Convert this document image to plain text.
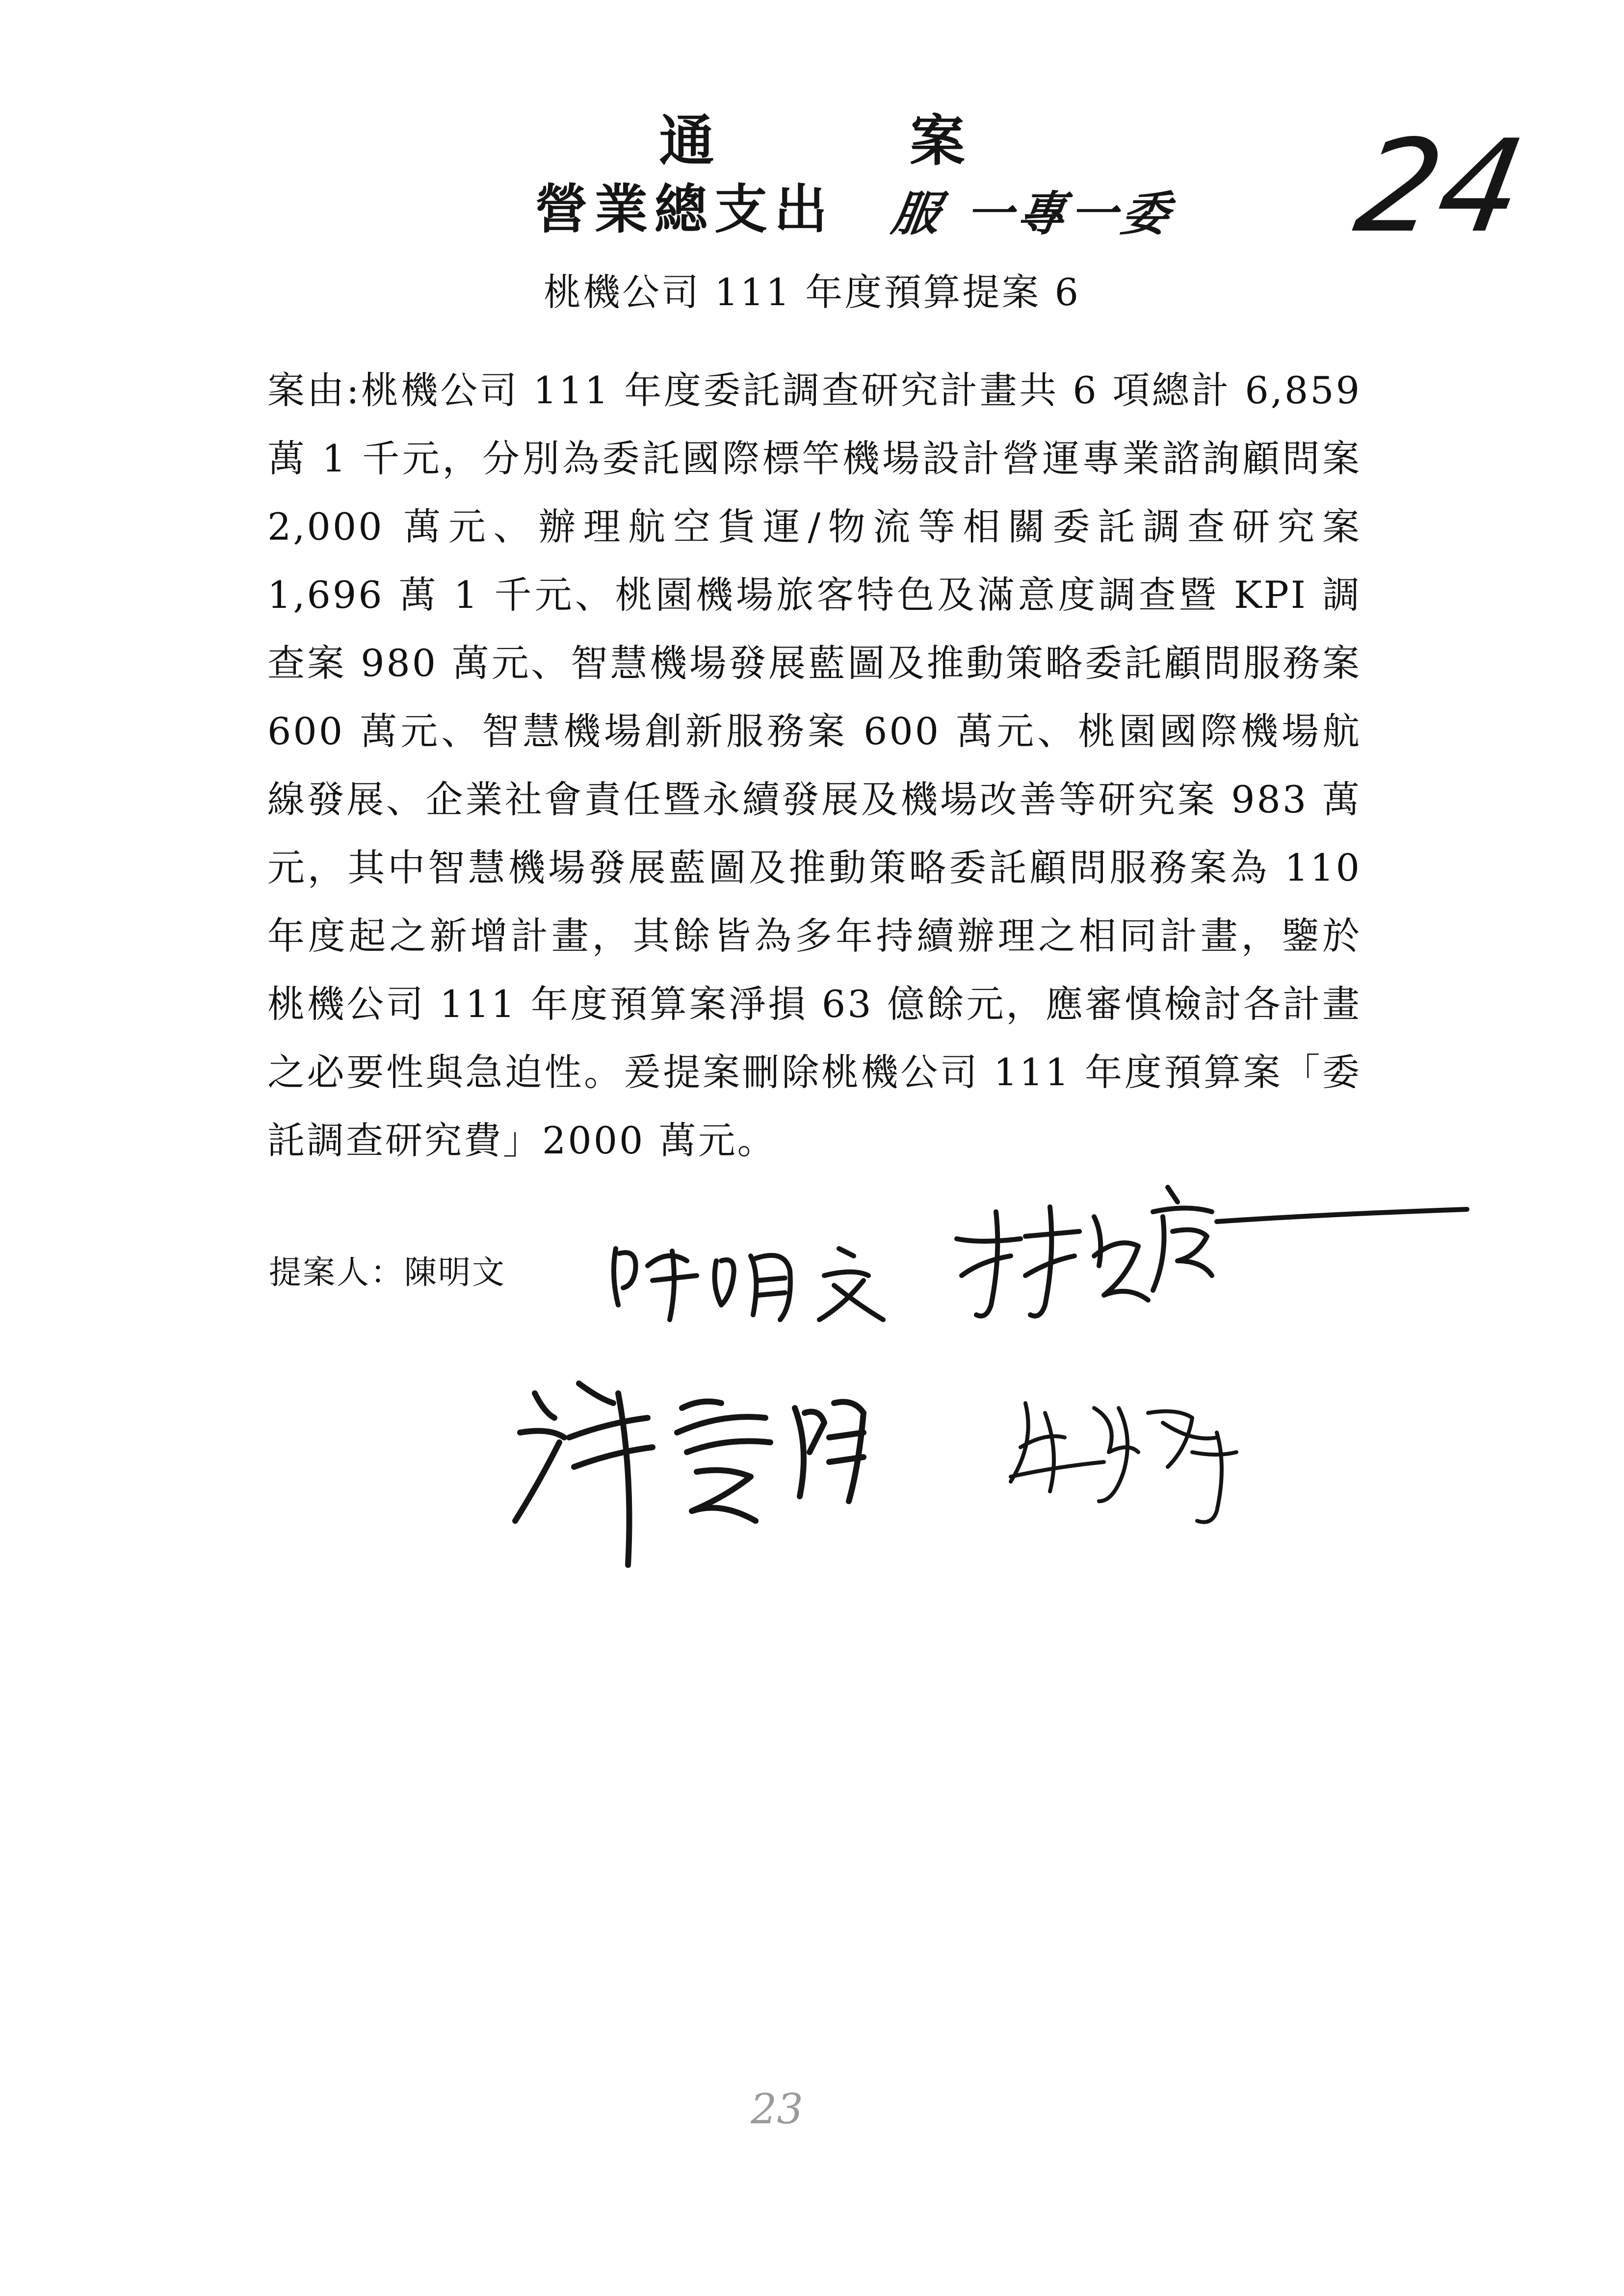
通 案
營業總支出	服 一專一委 24
桃機公司 111 年度預算提案 6
案由:桃機公司 111 年度委託調查研究計畫共 6 項總計 6,859 萬 1 千元，分別為委託國際標竿機場設計營運專業諮詢顧問案 2,000 萬元、辦理航空貨運/物流等相關委託調查研究案 1,696 萬 1 千元、桃園機場旅客特色及滿意度調查暨 KPI 調查案 980 萬元、智慧機場發展藍圖及推動策略委託顧問服務案 600 萬元、智慧機場創新服務案 600 萬元、桃園國際機場航線發展、企業社會責任暨永續發展及機場改善等研究案 983 萬元，其中智慧機場發展藍圖及推動策略委託顧問服務案為 110 年度起之新增計畫，其餘皆為多年持續辦理之相同計畫，鑒於桃機公司 111 年度預算案淨損 63 億餘元，應審慎檢討各計畫之必要性與急迫性。爰提案刪除桃機公司 111 年度預算案「委託調查研究費」2000 萬元。
提案人：陳明文
23
